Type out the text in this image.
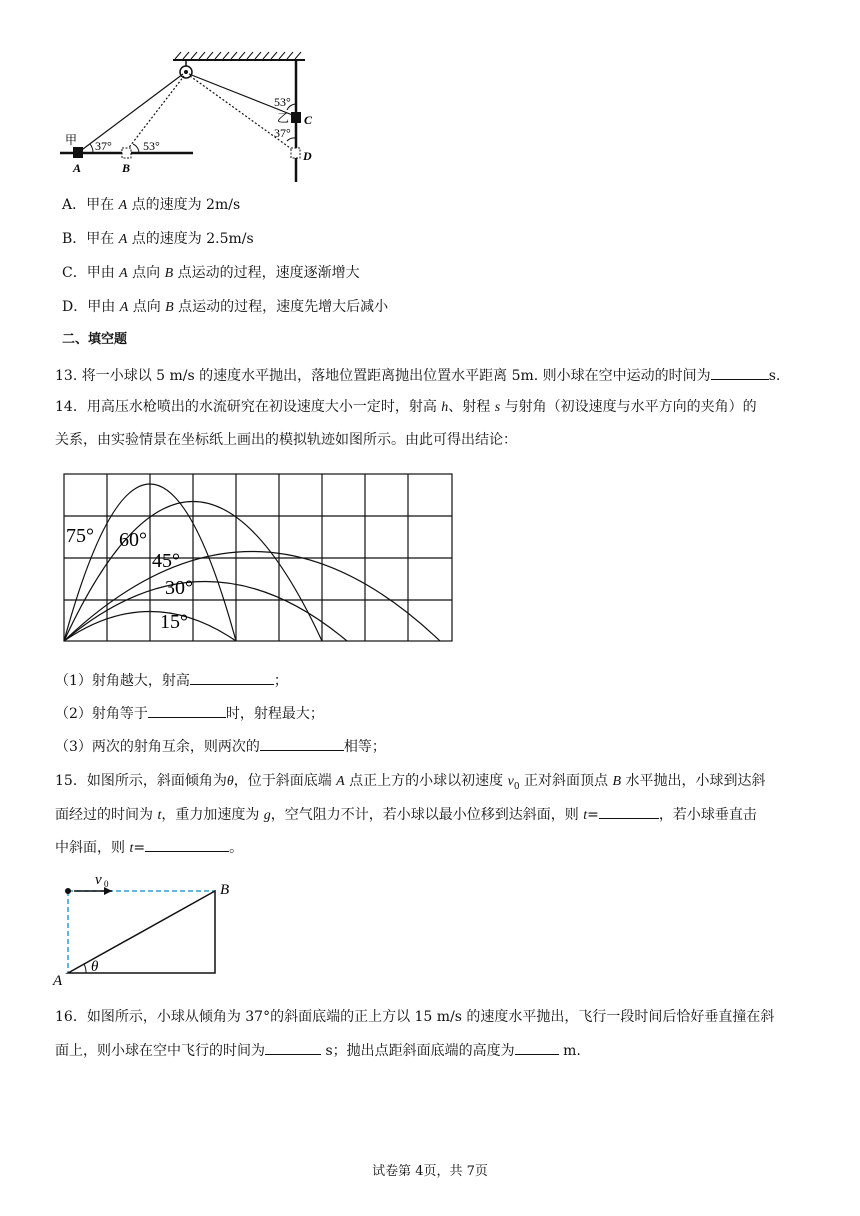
甲 37°	53°
53°
乙
37°
A	B
C
D
A．甲在 A 点的速度为 2m/s
B．甲在 A 点的速度为 2.5m/s
C．甲由 A 点向 B 点运动的过程，速度逐渐增大
D．甲由 A 点向 B 点运动的过程，速度先增大后减小
二、填空题
13. 将一小球以 5 m/s 的速度水平抛出，落地位置距离抛出位置水平距离 5m. 则小球在空中运动的时间为	s.
14．用高压水枪喷出的水流研究在初设速度大小一定时，射高 h、射程 s 与射角（初设速度与水平方向的夹角）的
关系，由实验情景在坐标纸上画出的模拟轨迹如图所示。由此可得出结论：
75° 60°
45°
30°
15°
（1）射角越大，射高	；
（2）射角等于	时，射程最大；
（3）两次的射角互余，则两次的	相等；
15．如图所示，斜面倾角为θ，位于斜面底端 A 点正上方的小球以初速度 $v_0$ 正对斜面顶点 B 水平抛出，小球到达斜
面经过的时间为 t，重力加速度为 g，空气阻力不计，若小球以最小位移到达斜面，则 t=	，若小球垂直击
中斜面，则 t=	。
v 0	B
A
θ
16．如图所示，小球从倾角为 37°的斜面底端的正上方以 15 m/s 的速度水平抛出，飞行一段时间后恰好垂直撞在斜
面上，则小球在空中飞行的时间为	s；抛出点距斜面底端的高度为	m.
试卷第 4页，共 7页
